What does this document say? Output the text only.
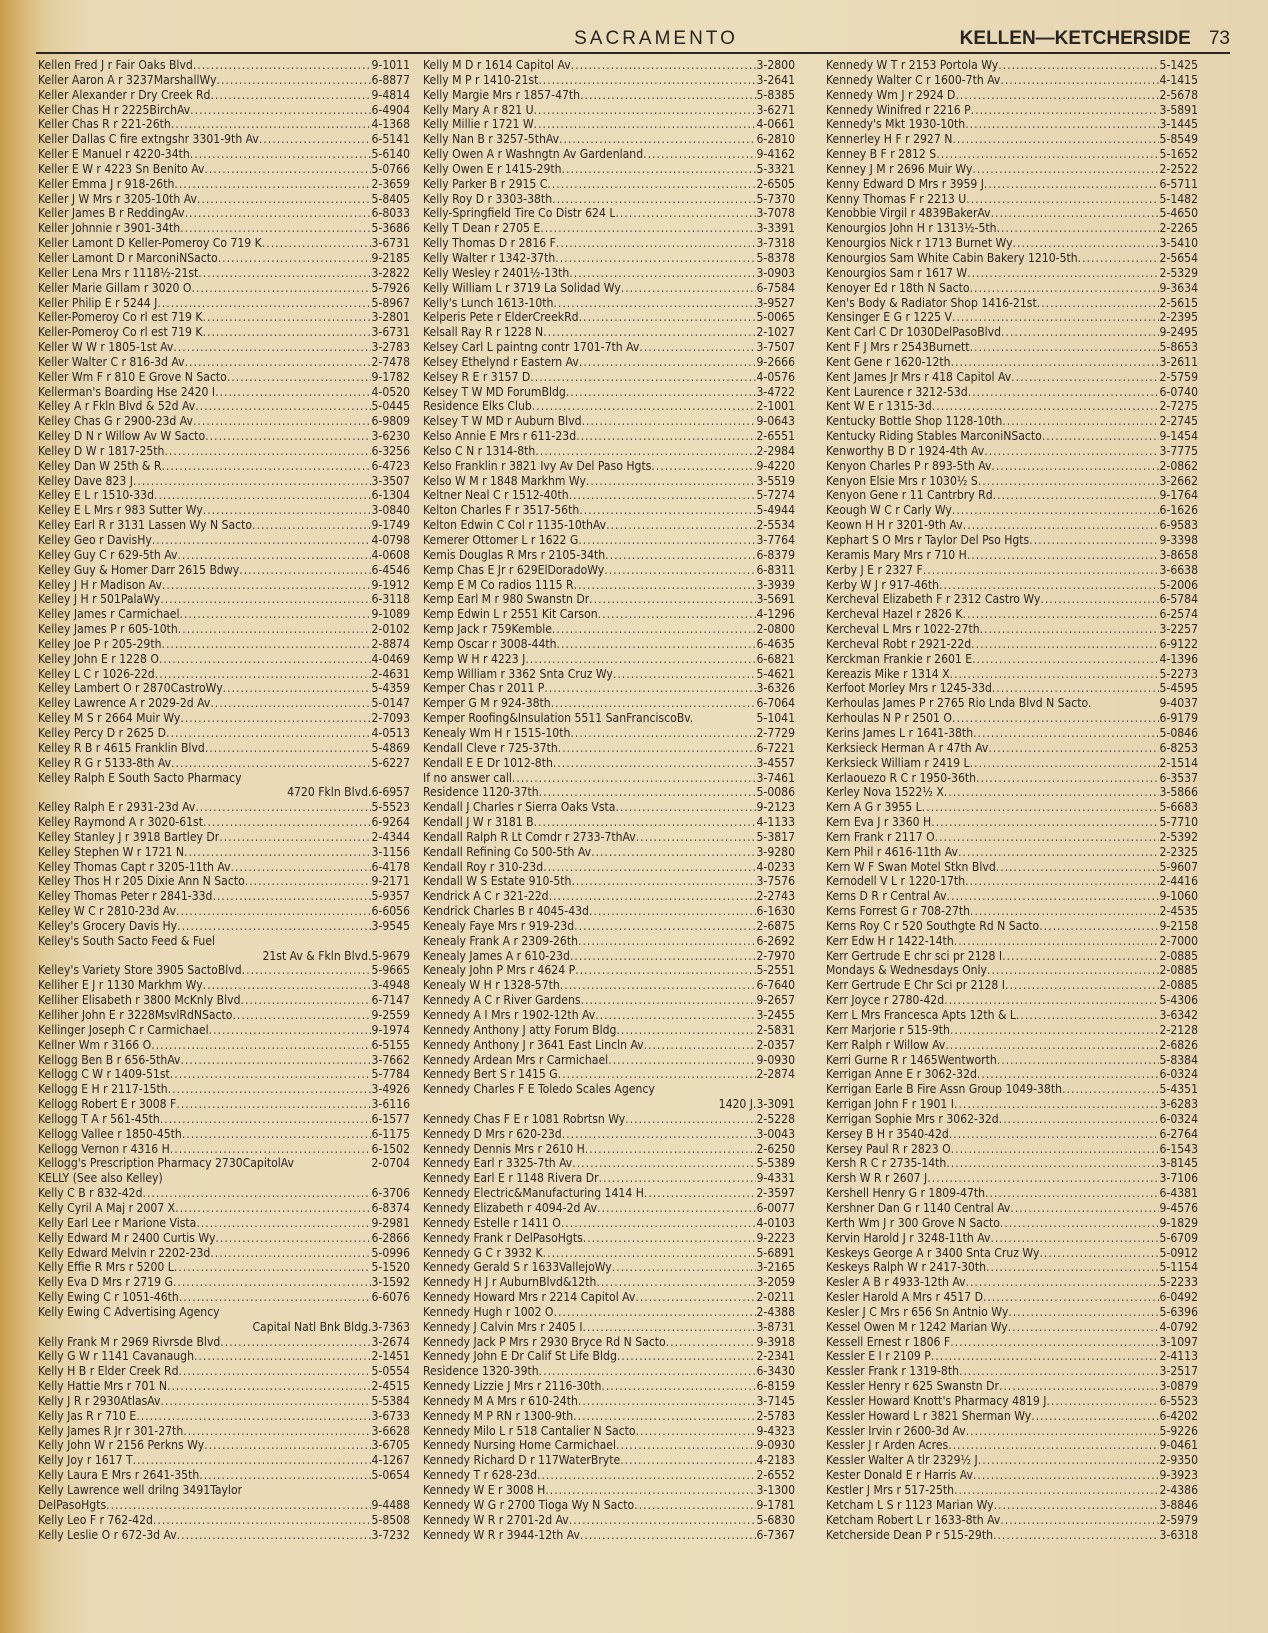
SACRAMENTO	KELLEN—KETCHERSIDE 73
Kellen Fred J r Fair Oaks Blvd .....	9-1011
Keller Aaron A r 3237MarshallWy .....	6-8877
Keller Alexander r Dry Creek Rd .....	9-4814
Keller Chas H r 2225BirchAv .....	6-4904
Keller Chas R r 221-26th .....	4-1368
Keller Dallas C fire extngshr 3301-9th Av .....	6-5141
Keller E Manuel r 4220-34th .....	5-6140
Keller E W r 4223 Sn Benito Av .....	5-0766
Keller Emma J r 918-26th .....	2-3659
Keller J W Mrs r 3205-10th Av .....	5-8405
Keller James B r ReddingAv .....	6-8033
Keller Johnnie r 3901-34th .....	5-3686
Keller Lamont D Keller-Pomeroy Co 719 K .....	3-6731
Keller Lamont D r MarconiNSacto .....	9-2185
Keller Lena Mrs r 1118½-21st .....	3-2822
Keller Marie Gillam r 3020 O .....	5-7926
Keller Philip E r 5244 J .....	5-8967
Keller-Pomeroy Co rl est 719 K .....	3-2801
Keller-Pomeroy Co rl est 719 K .....	3-6731
Keller W W r 1805-1st Av .....	3-2783
Keller Walter C r 816-3d Av .....	2-7478
Keller Wm F r 810 E Grove N Sacto .....	9-1782
Kellerman's Boarding Hse 2420 I .....	4-0520
Kelley A r Fkln Blvd & 52d Av .....	5-0445
Kelley Chas G r 2900-23d Av .....	6-9809
Kelley D N r Willow Av W Sacto .....	3-6230
Kelley D W r 1817-25th .....	6-3256
Kelley Dan W 25th & R .....	6-4723
Kelley Dave 823 J .....	3-3507
Kelley E L r 1510-33d .....	6-1304
Kelley E L Mrs r 983 Sutter Wy .....	3-0840
Kelley Earl R r 3131 Lassen Wy N Sacto .....	9-1749
Kelley Geo r DavisHy .....	4-0798
Kelley Guy C r 629-5th Av .....	4-0608
Kelley Guy & Homer Darr 2615 Bdwy .....	6-4546
Kelley J H r Madison Av .....	9-1912
Kelley J H r 501PalaWy .....	6-3118
Kelley James r Carmichael .....	9-1089
Kelley James P r 605-10th .....	2-0102
Kelley Joe P r 205-29th .....	2-8874
Kelley John E r 1228 O .....	4-0469
Kelley L C r 1026-22d .....	2-4631
Kelley Lambert O r 2870CastroWy .....	5-4359
Kelley Lawrence A r 2029-2d Av .....	5-0147
Kelley M S r 2664 Muir Wy .....	2-7093
Kelley Percy D r 2625 D .....	4-0513
Kelley R B r 4615 Franklin Blvd .....	5-4869
Kelley R G r 5133-8th Av .....	5-6227
Kelley Ralph E South Sacto Pharmacy
4720 Fkln Blvd. 6-6957
Kelley Ralph E r 2931-23d Av .....	5-5523
Kelley Raymond A r 3020-61st .....	6-9264
Kelley Stanley J r 3918 Bartley Dr .....	2-4344
Kelley Stephen W r 1721 N .....	3-1156
Kelley Thomas Capt r 3205-11th Av .....	6-4178
Kelley Thos H r 205 Dixie Ann N Sacto .....	9-2171
Kelley Thomas Peter r 2841-33d .....	5-9357
Kelley W C r 2810-23d Av .....	6-6056
Kelley's Grocery Davis Hy .....	3-9545
Kelley's South Sacto Feed & Fuel
21st Av & Fkln Blvd. 5-9679
Kelley's Variety Store 3905 SactoBlvd .....	5-9665
Kelliher E J r 1130 Markhm Wy .....	3-4948
Kelliher Elisabeth r 3800 McKnly Blvd .....	6-7147
Kelliher John E r 3228MsvlRdNSacto .....	9-2559
Kellinger Joseph C r Carmichael .....	9-1974
Kellner Wm r 3166 O .....	6-5155
Kellogg Ben B r 656-5thAv .....	3-7662
Kellogg C W r 1409-51st .....	5-7784
Kellogg E H r 2117-15th .....	3-4926
Kellogg Robert E r 3008 F .....	3-6116
Kellogg T A r 561-45th .....	6-1577
Kellogg Vallee r 1850-45th .....	6-1175
Kellogg Vernon r 4316 H .....	6-1502
Kellogg's Prescription Pharmacy 2730CapitolAv	2-0704
KELLY (See also Kelley)
Kelly C B r 832-42d .....	6-3706
Kelly Cyril A Maj r 2007 X .....	6-8374
Kelly Earl Lee r Marione Vista .....	9-2981
Kelly Edward M r 2400 Curtis Wy .....	6-2866
Kelly Edward Melvin r 2202-23d .....	5-0996
Kelly Effie R Mrs r 5200 L .....	5-1520
Kelly Eva D Mrs r 2719 G .....	3-1592
Kelly Ewing C r 1051-46th .....	6-6076
Kelly Ewing C Advertising Agency
Capital Natl Bnk Bldg. 3-7363
Kelly Frank M r 2969 Rivrsde Blvd .....	3-2674
Kelly G W r 1141 Cavanaugh .....	2-1451
Kelly H B r Elder Creek Rd .....	5-0554
Kelly Hattie Mrs r 701 N .....	2-4515
Kelly J R r 2930AtlasAv .....	5-5384
Kelly Jas R r 710 E .....	3-6733
Kelly James R Jr r 301-27th .....	3-6628
Kelly John W r 2156 Perkns Wy .....	3-6705
Kelly Joy r 1617 T .....	4-1267
Kelly Laura E Mrs r 2641-35th .....	5-0654
Kelly Lawrence well drilng 3491Taylor
DelPasoHgts .....	9-4488
Kelly Leo F r 762-42d .....	5-8508
Kelly Leslie O r 672-3d Av .....	3-7232
Kelly M D r 1614 Capitol Av .....	3-2800
Kelly M P r 1410-21st .....	3-2641
Kelly Margie Mrs r 1857-47th .....	5-8385
Kelly Mary A r 821 U .....	3-6271
Kelly Millie r 1721 W .....	4-0661
Kelly Nan B r 3257-5thAv .....	6-2810
Kelly Owen A r Washngtn Av Gardenland .....	9-4162
Kelly Owen E r 1415-29th .....	5-3321
Kelly Parker B r 2915 C .....	2-6505
Kelly Roy D r 3303-38th .....	5-7370
Kelly-Springfield Tire Co Distr 624 L .....	3-7078
Kelly T Dean r 2705 E .....	3-3391
Kelly Thomas D r 2816 F .....	3-7318
Kelly Walter r 1342-37th .....	5-8378
Kelly Wesley r 2401½-13th .....	3-0903
Kelly William L r 3719 La Solidad Wy .....	6-7584
Kelly's Lunch 1613-10th .....	3-9527
Kelperis Pete r ElderCreekRd .....	5-0065
Kelsall Ray R r 1228 N .....	2-1027
Kelsey Carl L paintng contr 1701-7th Av .....	3-7507
Kelsey Ethelynd r Eastern Av .....	9-2666
Kelsey R E r 3157 D .....	4-0576
Kelsey T W MD ForumBldg .....	3-4722
Residence Elks Club .....	2-1001
Kelsey T W MD r Auburn Blvd .....	9-0643
Kelso Annie E Mrs r 611-23d .....	2-6551
Kelso C N r 1314-8th .....	2-2984
Kelso Franklin r 3821 Ivy Av Del Paso Hgts .....	9-4220
Kelso W M r 1848 Markhm Wy .....	3-5519
Keltner Neal C r 1512-40th .....	5-7274
Kelton Charles F r 3517-56th .....	5-4944
Kelton Edwin C Col r 1135-10thAv .....	2-5534
Kemerer Ottomer L r 1622 G .....	3-7764
Kemis Douglas R Mrs r 2105-34th .....	6-8379
Kemp Chas E Jr r 629ElDoradoWy .....	6-8311
Kemp E M Co radios 1115 R .....	3-3939
Kemp Earl M r 980 Swanstn Dr .....	3-5691
Kemp Edwin L r 2551 Kit Carson .....	4-1296
Kemp Jack r 759Kemble .....	2-0800
Kemp Oscar r 3008-44th .....	6-4635
Kemp W H r 4223 J .....	6-6821
Kemp William r 3362 Snta Cruz Wy .....	5-4621
Kemper Chas r 2011 P .....	3-6326
Kemper G M r 924-38th .....	6-7064
Kemper Roofing&Insulation 5511 SanFranciscoBv.	5-1041
Kenealy Wm H r 1515-10th .....	2-7729
Kendall Cleve r 725-37th .....	6-7221
Kendall E E Dr 1012-8th .....	3-4557
If no answer call .....	3-7461
Residence 1120-37th .....	5-0086
Kendall J Charles r Sierra Oaks Vsta .....	9-2123
Kendall J W r 3181 B .....	4-1133
Kendall Ralph R Lt Comdr r 2733-7thAv .....	5-3817
Kendall Refining Co 500-5th Av .....	3-9280
Kendall Roy r 310-23d .....	4-0233
Kendall W S Estate 910-5th .....	3-7576
Kendrick A C r 321-22d .....	2-2743
Kendrick Charles B r 4045-43d .....	6-1630
Kenealy Faye Mrs r 919-23d .....	2-6875
Kenealy Frank A r 2309-26th .....	6-2692
Kenealy James A r 610-23d .....	2-7970
Kenealy John P Mrs r 4624 P .....	5-2551
Kenealy W H r 1328-57th .....	6-7640
Kennedy A C r River Gardens .....	9-2657
Kennedy A I Mrs r 1902-12th Av .....	3-2455
Kennedy Anthony J atty Forum Bldg .....	2-5831
Kennedy Anthony J r 3641 East Lincln Av .....	2-0357
Kennedy Ardean Mrs r Carmichael .....	9-0930
Kennedy Bert S r 1415 G .....	2-2874
Kennedy Charles F E Toledo Scales Agency
1420 J. 3-3091
Kennedy Chas F E r 1081 Robrtsn Wy .....	2-5228
Kennedy D Mrs r 620-23d .....	3-0043
Kennedy Dennis Mrs r 2610 H .....	2-6250
Kennedy Earl r 3325-7th Av .....	5-5389
Kennedy Earl E r 1148 Rivera Dr .....	9-4331
Kennedy Electric&Manufacturing 1414 H .....	2-3597
Kennedy Elizabeth r 4094-2d Av .....	6-0077
Kennedy Estelle r 1411 O .....	4-0103
Kennedy Frank r DelPasoHgts .....	9-2223
Kennedy G C r 3932 K .....	5-6891
Kennedy Gerald S r 1633VallejoWy .....	3-2165
Kennedy H J r AuburnBlvd&12th .....	3-2059
Kennedy Howard Mrs r 2214 Capitol Av .....	2-0211
Kennedy Hugh r 1002 O .....	2-4388
Kennedy J Calvin Mrs r 2405 I .....	3-8731
Kennedy Jack P Mrs r 2930 Bryce Rd N Sacto .....	9-3918
Kennedy John E Dr Calif St Life Bldg .....	2-2341
Residence 1320-39th .....	6-3430
Kennedy Lizzie J Mrs r 2116-30th .....	6-8159
Kennedy M A Mrs r 610-24th .....	3-7145
Kennedy M P RN r 1300-9th .....	2-5783
Kennedy Milo L r 518 Cantalier N Sacto .....	9-4323
Kennedy Nursing Home Carmichael .....	9-0930
Kennedy Richard D r 117WaterBryte .....	4-2183
Kennedy T r 628-23d .....	2-6552
Kennedy W E r 3008 H .....	3-1300
Kennedy W G r 2700 Tioga Wy N Sacto .....	9-1781
Kennedy W R r 2701-2d Av .....	5-6830
Kennedy W R r 3944-12th Av .....	6-7367
Kennedy W T r 2153 Portola Wy .....	5-1425
Kennedy Walter C r 1600-7th Av .....	4-1415
Kennedy Wm J r 2924 D .....	2-5678
Kennedy Winifred r 2216 P .....	3-5891
Kennedy's Mkt 1930-10th .....	3-1445
Kennerley H F r 2927 N .....	5-8549
Kenney B F r 2812 S .....	5-1652
Kenney J M r 2696 Muir Wy .....	2-2522
Kenny Edward D Mrs r 3959 J .....	6-5711
Kenny Thomas F r 2213 U .....	5-1482
Kenobbie Virgil r 4839BakerAv .....	5-4650
Kenourgios John H r 1313½-5th .....	2-2265
Kenourgios Nick r 1713 Burnet Wy .....	3-5410
Kenourgios Sam White Cabin Bakery 1210-5th .....	2-5654
Kenourgios Sam r 1617 W .....	2-5329
Kenoyer Ed r 18th N Sacto .....	9-3634
Ken's Body & Radiator Shop 1416-21st .....	2-5615
Kensinger E G r 1225 V .....	2-2395
Kent Carl C Dr 1030DelPasoBlvd .....	9-2495
Kent F J Mrs r 2543Burnett .....	5-8653
Kent Gene r 1620-12th .....	3-2611
Kent James Jr Mrs r 418 Capitol Av .....	2-5759
Kent Laurence r 3212-53d .....	6-0740
Kent W E r 1315-3d .....	2-7275
Kentucky Bottle Shop 1128-10th .....	2-2745
Kentucky Riding Stables MarconiNSacto .....	9-1454
Kenworthy B D r 1924-4th Av .....	3-7775
Kenyon Charles P r 893-5th Av .....	2-0862
Kenyon Elsie Mrs r 1030½ S .....	3-2662
Kenyon Gene r 11 Cantrbry Rd .....	9-1764
Keough W C r Carly Wy .....	6-1626
Keown H H r 3201-9th Av .....	6-9583
Kephart S O Mrs r Taylor Del Pso Hgts .....	9-3398
Keramis Mary Mrs r 710 H .....	3-8658
Kerby J E r 2327 F .....	3-6638
Kerby W J r 917-46th .....	5-2006
Kercheval Elizabeth F r 2312 Castro Wy .....	6-5784
Kercheval Hazel r 2826 K .....	6-2574
Kercheval L Mrs r 1022-27th .....	3-2257
Kercheval Robt r 2921-22d .....	6-9122
Kerckman Frankie r 2601 E .....	4-1396
Kereazis Mike r 1314 X .....	5-2273
Kerfoot Morley Mrs r 1245-33d .....	5-4595
Kerhoulas James P r 2765 Rio Lnda Blvd N Sacto.	9-4037
Kerhoulas N P r 2501 O .....	6-9179
Kerins James L r 1641-38th .....	5-0846
Kerksieck Herman A r 47th Av .....	6-8253
Kerksieck William r 2419 L .....	2-1514
Kerlaouezo R C r 1950-36th .....	6-3537
Kerley Nova 1522½ X .....	3-5866
Kern A G r 3955 L .....	5-6683
Kern Eva J r 3360 H .....	5-7710
Kern Frank r 2117 O .....	2-5392
Kern Phil r 4616-11th Av .....	2-2325
Kern W F Swan Motel Stkn Blvd .....	5-9607
Kernodell V L r 1220-17th .....	2-4416
Kerns D R r Central Av .....	9-1060
Kerns Forrest G r 708-27th .....	2-4535
Kerns Roy C r 520 Southgte Rd N Sacto .....	9-2158
Kerr Edw H r 1422-14th .....	2-7000
Kerr Gertrude E chr sci pr 2128 I .....	2-0885
Mondays & Wednesdays Only .....	2-0885
Kerr Gertrude E Chr Sci pr 2128 I .....	2-0885
Kerr Joyce r 2780-42d .....	5-4306
Kerr L Mrs Francesca Apts 12th & L .....	3-6342
Kerr Marjorie r 515-9th .....	2-2128
Kerr Ralph r Willow Av .....	2-6826
Kerri Gurne R r 1465Wentworth .....	5-8384
Kerrigan Anne E r 3062-32d .....	6-0324
Kerrigan Earle B Fire Assn Group 1049-38th .....	5-4351
Kerrigan John F r 1901 I .....	3-6283
Kerrigan Sophie Mrs r 3062-32d .....	6-0324
Kersey B H r 3540-42d .....	6-2764
Kersey Paul R r 2823 O .....	6-1543
Kersh R C r 2735-14th .....	3-8145
Kersh W R r 2607 J .....	3-7106
Kershell Henry G r 1809-47th .....	6-4381
Kershner Dan G r 1140 Central Av .....	9-4576
Kerth Wm J r 300 Grove N Sacto .....	9-1829
Kervin Harold J r 3248-11th Av .....	5-6709
Keskeys George A r 3400 Snta Cruz Wy .....	5-0912
Keskeys Ralph W r 2417-30th .....	5-1154
Kesler A B r 4933-12th Av .....	5-2233
Kesler Harold A Mrs r 4517 D .....	6-0492
Kesler J C Mrs r 656 Sn Antnio Wy .....	5-6396
Kessel Owen M r 1242 Marian Wy .....	4-0792
Kessell Ernest r 1806 F .....	3-1097
Kessler E I r 2109 P .....	2-4113
Kessler Frank r 1319-8th .....	3-2517
Kessler Henry r 625 Swanstn Dr .....	3-0879
Kessler Howard Knott's Pharmacy 4819 J .....	6-5523
Kessler Howard L r 3821 Sherman Wy .....	6-4202
Kessler Irvin r 2600-3d Av .....	5-9226
Kessler J r Arden Acres .....	9-0461
Kessler Walter A tlr 2329½ J .....	2-9350
Kester Donald E r Harris Av .....	9-3923
Kestler J Mrs r 517-25th .....	2-4386
Ketcham L S r 1123 Marian Wy .....	3-8846
Ketcham Robert L r 1633-8th Av .....	2-5979
Ketcherside Dean P r 515-29th .....	3-6318
